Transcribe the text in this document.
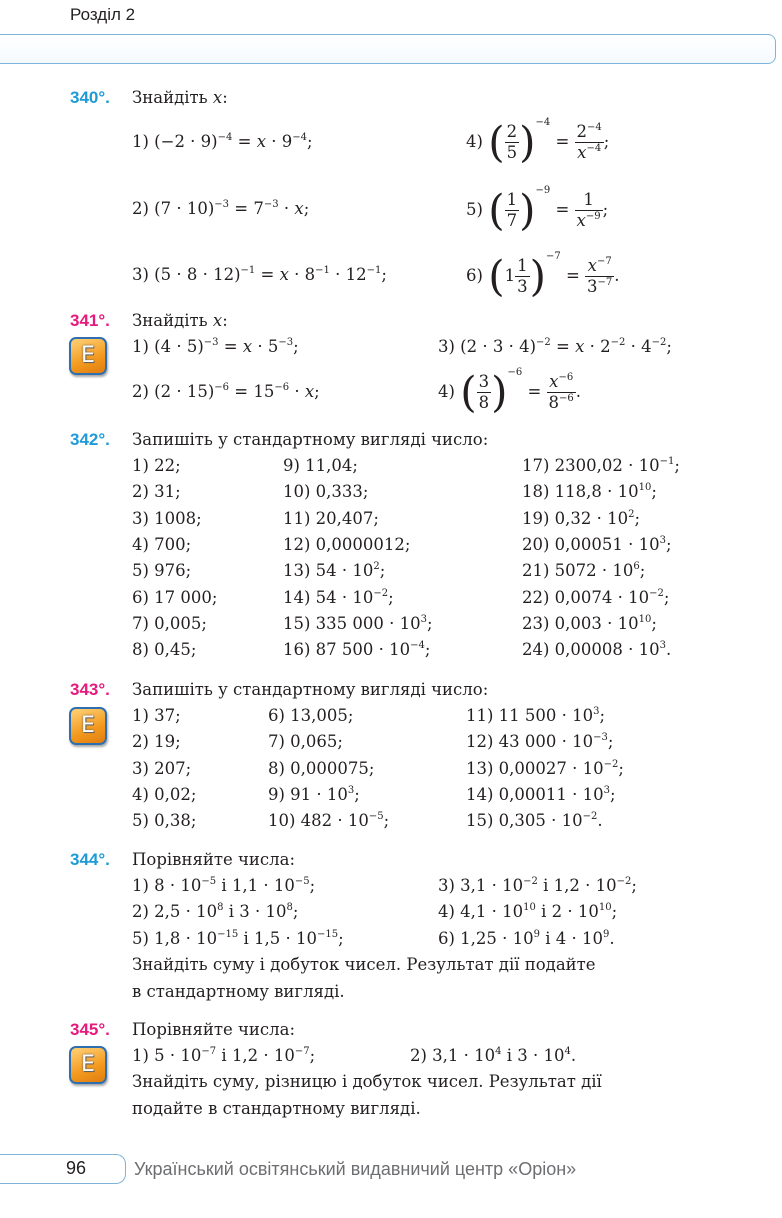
Розділ 2
340°. Знайдіть x:
1) $(-2 \cdot 9)^{-4} = x \cdot 9^{-4}$;
2) $(7 \cdot 10)^{-3} = 7^{-3} \cdot x$;
3) $(5 \cdot 8 \cdot 12)^{-1} = x \cdot 8^{-1} \cdot 12^{-1}$;
4) ( $\frac{2}{5} )^{-4} = \frac{2^{-4}}{x^{-4}}$ ;
5) ( $\frac{1}{7} )^{-9} = \frac{1}{x^{-9}}$ ;
6) $(1 \frac{1}{3} )^{-7} = \frac{x^{-7}}{3^{-7}}$ .
341°. Знайдіть x:
Е	1) $(4 \cdot 5)^{-3} = x \cdot 5^{-3}$;	3) $(2 \cdot 3 \cdot 4)^{-2} = x \cdot 2^{-2} \cdot 4^{-2}$;
2) $(2 \cdot 15)^{-6} = 15^{-6} \cdot x$;	4) ( $\frac{3}{8} )^{-6} = \frac{x^{-6}}{8^{-6}}$ .
342°. Запишіть у стандартному вигляді число:
1) 22;
2) 31;
3) 1008;
4) 700;
5) 976;
6) 17 000;
7) 0,005;
8) 0,45;
9) 11,04;
10) 0,333;
11) 20,407;
12) 0,0000012;
13) $54 \cdot 10^2$;
14) $54 \cdot 10^{-2}$;
15) 335 $000 \cdot 10^3$;
16) 87 $500 \cdot 10^{-4}$;
17) $2300,02 \cdot 10^{-1}$;
18) $118,8 \cdot 10^{10}$;
19) $0,32 \cdot 10^2$;
20) $0,00051 \cdot 10^3$;
21) $5072 \cdot 10^6$;
22) $0,0074 \cdot 10^{-2}$;
23) $0,003 \cdot 10^{10}$;
24) $0,00008 \cdot 10^3$.
343°. Запишіть у стандартному вигляді число:
Е	1) 37;
2) 19;
3) 207;
4) 0,02;
5) 0,38;
6) 13,005;
7) 0,065;
8) 0,000075;
9) $91 \cdot 10^3$;
10) $482 \cdot 10^{-5}$;
11) 11 $500 \cdot 10^3$;
12) 43 $000 \cdot 10^{-3}$;
13) $0,00027 \cdot 10^{-2}$;
14) $0,00011 \cdot 10^3$;
15) $0,305 \cdot 10^{-2}$.
344°. Порівняйте числа:
1) $8 \cdot 10^{-5}$ і $1,1 \cdot 10^{-5}$;
2) $2,5 \cdot 10^8$ і $3 \cdot 10^8$;
5) $1,8 \cdot 10^{-15}$ і $1,5 \cdot 10^{-15}$;
3) $3,1 \cdot 10^{-2}$ і $1,2 \cdot 10^{-2}$;
4) $4,1 \cdot 10^{10}$ і $2 \cdot 10^{10}$;
6) $1,25 \cdot 10^9$ і $4 \cdot 10^9$.
Знайдіть суму і добуток чисел. Результат дії подайте
в стандартному вигляді.
345°. Порівняйте числа:
Е	1) $5 \cdot 10^{-7}$ і $1,2 \cdot 10^{-7}$;	2) $3,1 \cdot 10^4$ і $3 \cdot 10^4$.
Знайдіть суму, різницю і добуток чисел. Результат дії
подайте в стандартному вигляді.
96	Український освітянський видавничий центр «Оріон»
